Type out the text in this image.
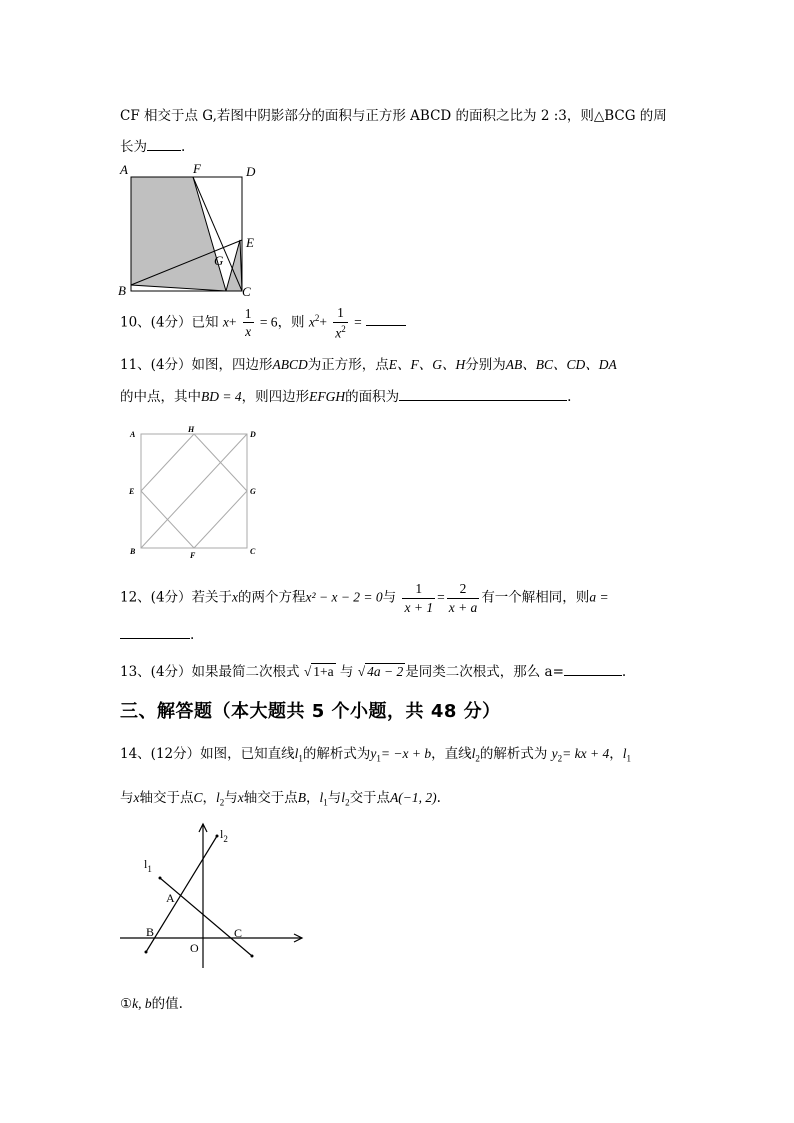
CF 相交于点 G,若图中阴影部分的面积与正方形 ABCD 的面积之比为 2 :3，则△BCG 的周
长为	.
A	F	D
E
G
B	C
10、(4分）已知 $x+ \frac{1}{x} = 6$，则 $x^2+ \frac{1}{x^2}$ =
11、(4分）如图，四边形ABCD为正方形，点E、F、G、H分别为AB、BC、CD、DA
的中点，其中BD = 4，则四边形EFGH的面积为	.
A
H
D
E	G
B	F	C
12、(4分）若关于x的两个方程x² − x − 2 = 0与 $\frac{1}{x + 1} = \frac{2}{x + a}$ 有一个解相同，则a =
.
13、(4分）如果最简二次根式 √ 1+a 与 √ 4a − 2 是同类二次根式，那么 a=	.
三、解答题（本大题共 5 个小题，共 48 分）
14、(12分）如图，已知直线$l_1$的解析式为$y_1= -x + b$，直线$l_2$的解析式为 $y_2=$ kx + 4，$l_1$
与x轴交于点C，$l_2$与x轴交于点B，$l_1$与$l_2$交于点A(−1, 2).
$l_2$
$l_1$
A
B
O
C
①k, b的值.
